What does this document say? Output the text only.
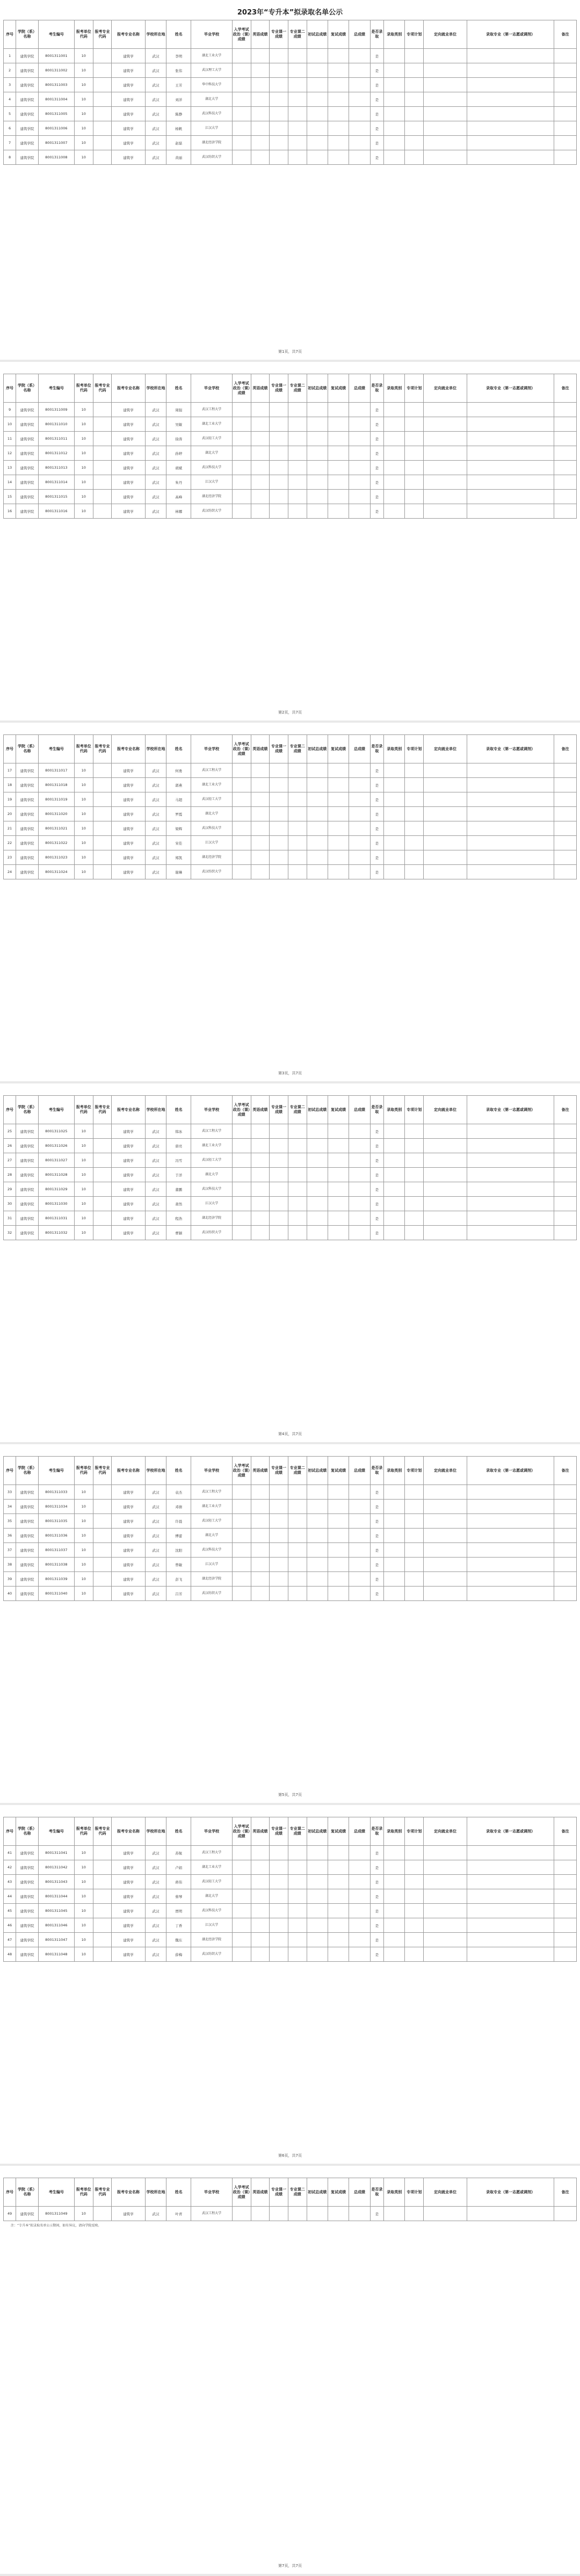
2023年“专升本”拟录取名单公示
序号	学院（系）名称	考生编号	报考单位代码	报考专业代码	报考专业名称	学校所在地	姓名	毕业学校	入学考试政治（课）成绩	英语成绩	专业课一成绩	专业课二成绩	初试总成绩	复试成绩	总成绩	是否录取	录取类别	专项计划	定向就业单位	录取专业（第一志愿或调剂）	备注
1	建筑学院	8001311001	10		建筑学	武汉	李明	湖北工业大学								是					
2	建筑学院	8001311002	10		建筑学	武汉	张伟	武汉理工大学								是					
3	建筑学院	8001311003	10		建筑学	武汉	王芳	华中科技大学								是					
4	建筑学院	8001311004	10		建筑学	武汉	刘洋	湖北大学								是					
5	建筑学院	8001311005	10		建筑学	武汉	陈静	武汉科技大学								是					
6	建筑学院	8001311006	10		建筑学	武汉	杨帆	江汉大学								是					
7	建筑学院	8001311007	10		建筑学	武汉	赵磊	湖北经济学院								是					
8	建筑学院	8001311008	10		建筑学	武汉	黄丽	武汉纺织大学								是					
第1页，共7页
序号	学院（系）名称	考生编号	报考单位代码	报考专业代码	报考专业名称	学校所在地	姓名	毕业学校	入学考试政治（课）成绩	英语成绩	专业课一成绩	专业课二成绩	初试总成绩	复试成绩	总成绩	是否录取	录取类别	专项计划	定向就业单位	录取专业（第一志愿或调剂）	备注
9	建筑学院	8001311009	10		建筑学	武汉	周强	武汉工程大学								是					
10	建筑学院	8001311010	10		建筑学	武汉	吴敏	湖北工业大学								是					
11	建筑学院	8001311011	10		建筑学	武汉	徐涛	武汉轻工大学								是					
12	建筑学院	8001311012	10		建筑学	武汉	孙婷	湖北大学								是					
13	建筑学院	8001311013	10		建筑学	武汉	胡斌	武汉科技大学								是					
14	建筑学院	8001311014	10		建筑学	武汉	朱丹	江汉大学								是					
15	建筑学院	8001311015	10		建筑学	武汉	高峰	湖北经济学院								是					
16	建筑学院	8001311016	10		建筑学	武汉	林娜	武汉纺织大学								是					
第2页，共7页
序号	学院（系）名称	考生编号	报考单位代码	报考专业代码	报考专业名称	学校所在地	姓名	毕业学校	入学考试政治（课）成绩	英语成绩	专业课一成绩	专业课二成绩	初试总成绩	复试成绩	总成绩	是否录取	录取类别	专项计划	定向就业单位	录取专业（第一志愿或调剂）	备注
17	建筑学院	8001311017	10		建筑学	武汉	何勇	武汉工程大学								是					
18	建筑学院	8001311018	10		建筑学	武汉	郭燕	湖北工业大学								是					
19	建筑学院	8001311019	10		建筑学	武汉	马超	武汉轻工大学								是					
20	建筑学院	8001311020	10		建筑学	武汉	罗霞	湖北大学								是					
21	建筑学院	8001311021	10		建筑学	武汉	梁辉	武汉科技大学								是					
22	建筑学院	8001311022	10		建筑学	武汉	宋佳	江汉大学								是					
23	建筑学院	8001311023	10		建筑学	武汉	郑凯	湖北经济学院								是					
24	建筑学院	8001311024	10		建筑学	武汉	谢琳	武汉纺织大学								是					
第3页，共7页
序号	学院（系）名称	考生编号	报考单位代码	报考专业代码	报考专业名称	学校所在地	姓名	毕业学校	入学考试政治（课）成绩	英语成绩	专业课一成绩	专业课二成绩	初试总成绩	复试成绩	总成绩	是否录取	录取类别	专项计划	定向就业单位	录取专业（第一志愿或调剂）	备注
25	建筑学院	8001311025	10		建筑学	武汉	韩冰	武汉工程大学								是					
26	建筑学院	8001311026	10		建筑学	武汉	唐亮	湖北工业大学								是					
27	建筑学院	8001311027	10		建筑学	武汉	冯雪	武汉轻工大学								是					
28	建筑学院	8001311028	10		建筑学	武汉	于洋	湖北大学								是					
29	建筑学院	8001311029	10		建筑学	武汉	董鹏	武汉科技大学								是					
30	建筑学院	8001311030	10		建筑学	武汉	萧然	江汉大学								是					
31	建筑学院	8001311031	10		建筑学	武汉	程浩	湖北经济学院								是					
32	建筑学院	8001311032	10		建筑学	武汉	曹颖	武汉纺织大学								是					
第4页，共7页
序号	学院（系）名称	考生编号	报考单位代码	报考专业代码	报考专业名称	学校所在地	姓名	毕业学校	入学考试政治（课）成绩	英语成绩	专业课一成绩	专业课二成绩	初试总成绩	复试成绩	总成绩	是否录取	录取类别	专项计划	定向就业单位	录取专业（第一志愿或调剂）	备注
33	建筑学院	8001311033	10		建筑学	武汉	袁杰	武汉工程大学								是					
34	建筑学院	8001311034	10		建筑学	武汉	邓倩	湖北工业大学								是					
35	建筑学院	8001311035	10		建筑学	武汉	许晨	武汉轻工大学								是					
36	建筑学院	8001311036	10		建筑学	武汉	傅蕾	湖北大学								是					
37	建筑学院	8001311037	10		建筑学	武汉	沈阳	武汉科技大学								是					
38	建筑学院	8001311038	10		建筑学	武汉	曾敏	江汉大学								是					
39	建筑学院	8001311039	10		建筑学	武汉	彭飞	湖北经济学院								是					
40	建筑学院	8001311040	10		建筑学	武汉	吕芳	武汉纺织大学								是					
第5页，共7页
序号	学院（系）名称	考生编号	报考单位代码	报考专业代码	报考专业名称	学校所在地	姓名	毕业学校	入学考试政治（课）成绩	英语成绩	专业课一成绩	专业课二成绩	初试总成绩	复试成绩	总成绩	是否录取	录取类别	专项计划	定向就业单位	录取专业（第一志愿或调剂）	备注
41	建筑学院	8001311041	10		建筑学	武汉	苏航	武汉工程大学								是					
42	建筑学院	8001311042	10		建筑学	武汉	卢娟	湖北工业大学								是					
43	建筑学院	8001311043	10		建筑学	武汉	蒋伟	武汉轻工大学								是					
44	建筑学院	8001311044	10		建筑学	武汉	蔡琴	湖北大学								是					
45	建筑学院	8001311045	10		建筑学	武汉	贾明	武汉科技大学								是					
46	建筑学院	8001311046	10		建筑学	武汉	丁香	江汉大学								是					
47	建筑学院	8001311047	10		建筑学	武汉	魏东	湖北经济学院								是					
48	建筑学院	8001311048	10		建筑学	武汉	薛梅	武汉纺织大学								是					
第6页，共7页
序号	学院（系）名称	考生编号	报考单位代码	报考专业代码	报考专业名称	学校所在地	姓名	毕业学校	入学考试政治（课）成绩	英语成绩	专业课一成绩	专业课二成绩	初试总成绩	复试成绩	总成绩	是否录取	录取类别	专项计划	定向就业单位	录取专业（第一志愿或调剂）	备注
49	建筑学院	8001311049	10		建筑学	武汉	叶青	武汉工程大学								是					
注：“专升本”拟录取名单公示期间，如有异议，请向学院反映。
第7页，共7页
